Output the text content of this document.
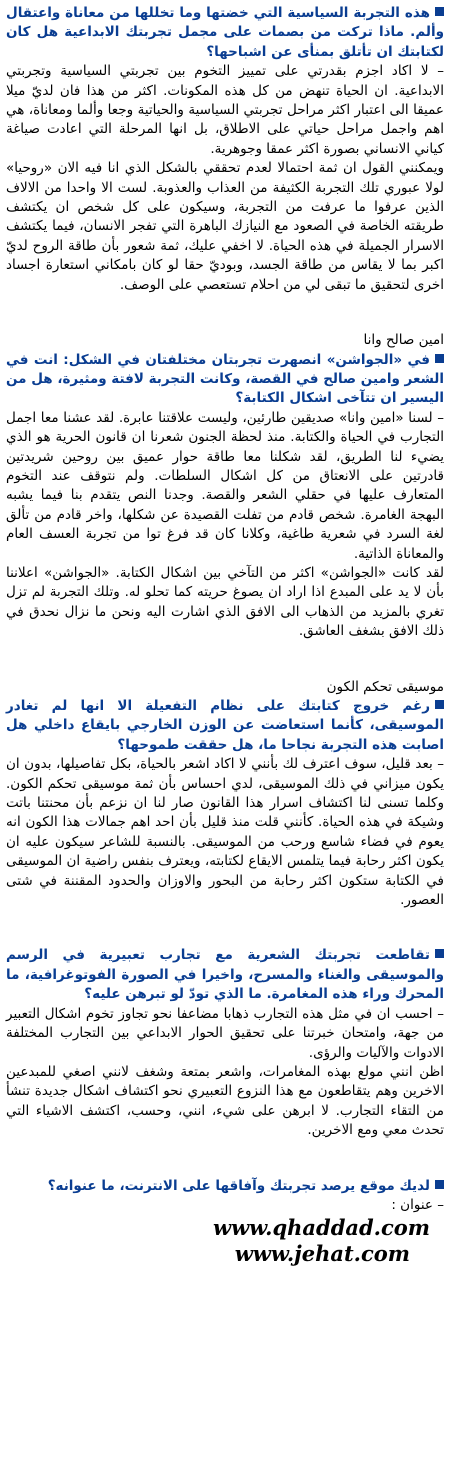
هذه التجربة السياسية التي خضتها وما تخللها من معاناة واعتقال وألم. ماذا تركت من بصمات على مجمل تجربتك الابداعية هل كان لكتابتك ان تأتلق بمنأى عن اشباحها؟

– لا اكاد اجزم بقدرتي على تمييز التخوم بين تجربتي السياسية وتجربتي الابداعية. ان الحياة تنهض من كل هذه المكونات. اكثر من هذا فان لديّ ميلا عميقا الى اعتبار اكثر مراحل تجربتي السياسية والحياتية وجعا وألما ومعاناة، هي اهم واجمل مراحل حياتي على الاطلاق، بل انها المرحلة التي اعادت صياغة كياني الانساني بصورة اكثر عمقا وجوهرية.

ويمكنني القول ان ثمة احتمالا لعدم تحققي بالشكل الذي انا فيه الان «روحيا» لولا عبوري تلك التجربة الكثيفة من العذاب والعذوبة. لست الا واحدا من الالاف الذين عرفوا ما عرفت من التجربة، وسيكون على كل شخص ان يكتشف طريقته الخاصة في الصعود مع النيازك الباهرة التي تفجر الانسان، فيما يكتشف الاسرار الجميلة في هذه الحياة. لا اخفي عليك، ثمة شعور بأن طاقة الروح لديّ اكبر بما لا يقاس من طاقة الجسد، وبوديّ حقا لو كان بامكاني استعارة اجساد اخرى لتحقيق ما تبقى لي من احلام تستعصي على الوصف.

امين صالح وانا

في «الجواشن» انصهرت تجربتان مختلفتان في الشكل: انت في الشعر وامين صالح في القصة، وكانت التجربة لافتة ومثيرة، هل من اليسير ان تتآخى اشكال الكتابة؟

– لسنا «امين وانا» صديقين طارئين، وليست علاقتنا عابرة. لقد عشنا معا اجمل التجارب في الحياة والكتابة. منذ لحظة الجنون شعرنا ان قانون الحرية هو الذي يضيء لنا الطريق، لقد شكلنا معا طاقة حوار عميق بين روحين شريدتين قادرتين على الانعتاق من كل اشكال السلطات. ولم نتوقف عند التخوم المتعارف عليها في حقلي الشعر والقصة. وجدنا النص يتقدم بنا فيما يشبه البهجة الغامرة. شخص قادم من تفلت القصيدة عن شكلها، واخر قادم من تألق لغة السرد في شعرية طاغية، وكلانا كان قد فرغ توا من تجربة العسف العام والمعاناة الذاتية.

لقد كانت «الجواشن» اكثر من التآخي بين اشكال الكتابة. «الجواشن» اعلاننا بأن لا يد على المبدع اذا اراد ان يصوغ حريته كما تحلو له. وتلك التجربة لم تزل تغري بالمزيد من الذهاب الى الافق الذي اشارت اليه ونحن ما نزال نحدق في ذلك الافق بشغف العاشق.

موسيقى تحكم الكون

رغم خروج كتابتك على نظام التفعيلة الا انها لم تغادر الموسيقى، كأنما استعاضت عن الوزن الخارجي بايقاع داخلي هل اصابت هذه التجربة نجاحا ما، هل حققت طموحها؟

– بعد قليل، سوف اعترف لك بأنني لا اكاد اشعر بالحياة، بكل تفاصيلها، بدون ان يكون ميزاني في ذلك الموسيقى، لدي احساس بأن ثمة موسيقى تحكم الكون. وكلما تسنى لنا اكتشاف اسرار هذا القانون صار لنا ان نزعم بأن محنتنا باتت وشيكة في هذه الحياة. كأنني قلت منذ قليل بأن احد اهم جمالات هذا الكون انه يعوم في فضاء شاسع ورحب من الموسيقى. بالنسبة للشاعر سيكون عليه ان يكون اكثر رحابة فيما يتلمس الايقاع لكتابته، ويعترف بنفس راضية ان الموسيقى في الكتابة ستكون اكثر رحابة من البحور والاوزان والحدود المقننة في شتى العصور.

تقاطعت تجربتك الشعرية مع تجارب تعبيرية في الرسم والموسيقى والغناء والمسرح، واخيرا في الصورة الفوتوغرافية، ما المحرك وراء هذه المغامرة. ما الذي تودّ لو تبرهن عليه؟

– احسب ان في مثل هذه التجارب ذهابا مضاعفا نحو تجاوز تخوم اشكال التعبير من جهة، وامتحان خبرتنا على تحقيق الحوار الابداعي بين التجارب المختلفة الادوات والآليات والرؤى.

اظن انني مولع بهذه المغامرات، واشعر بمتعة وشغف لانني اصغي للمبدعين الاخرين وهم يتقاطعون مع هذا النزوع التعبيري نحو اكتشاف اشكال جديدة تنشأ من التقاء التجارب. لا ابرهن على شيء، انني، وحسب، اكتشف الاشياء التي تحدث معي ومع الاخرين.

لديك موقع يرصد تجربتك وآفاقها على الانترنت، ما عنوانه؟

– عنوان :

www.qhaddad.com
www.jehat.com
